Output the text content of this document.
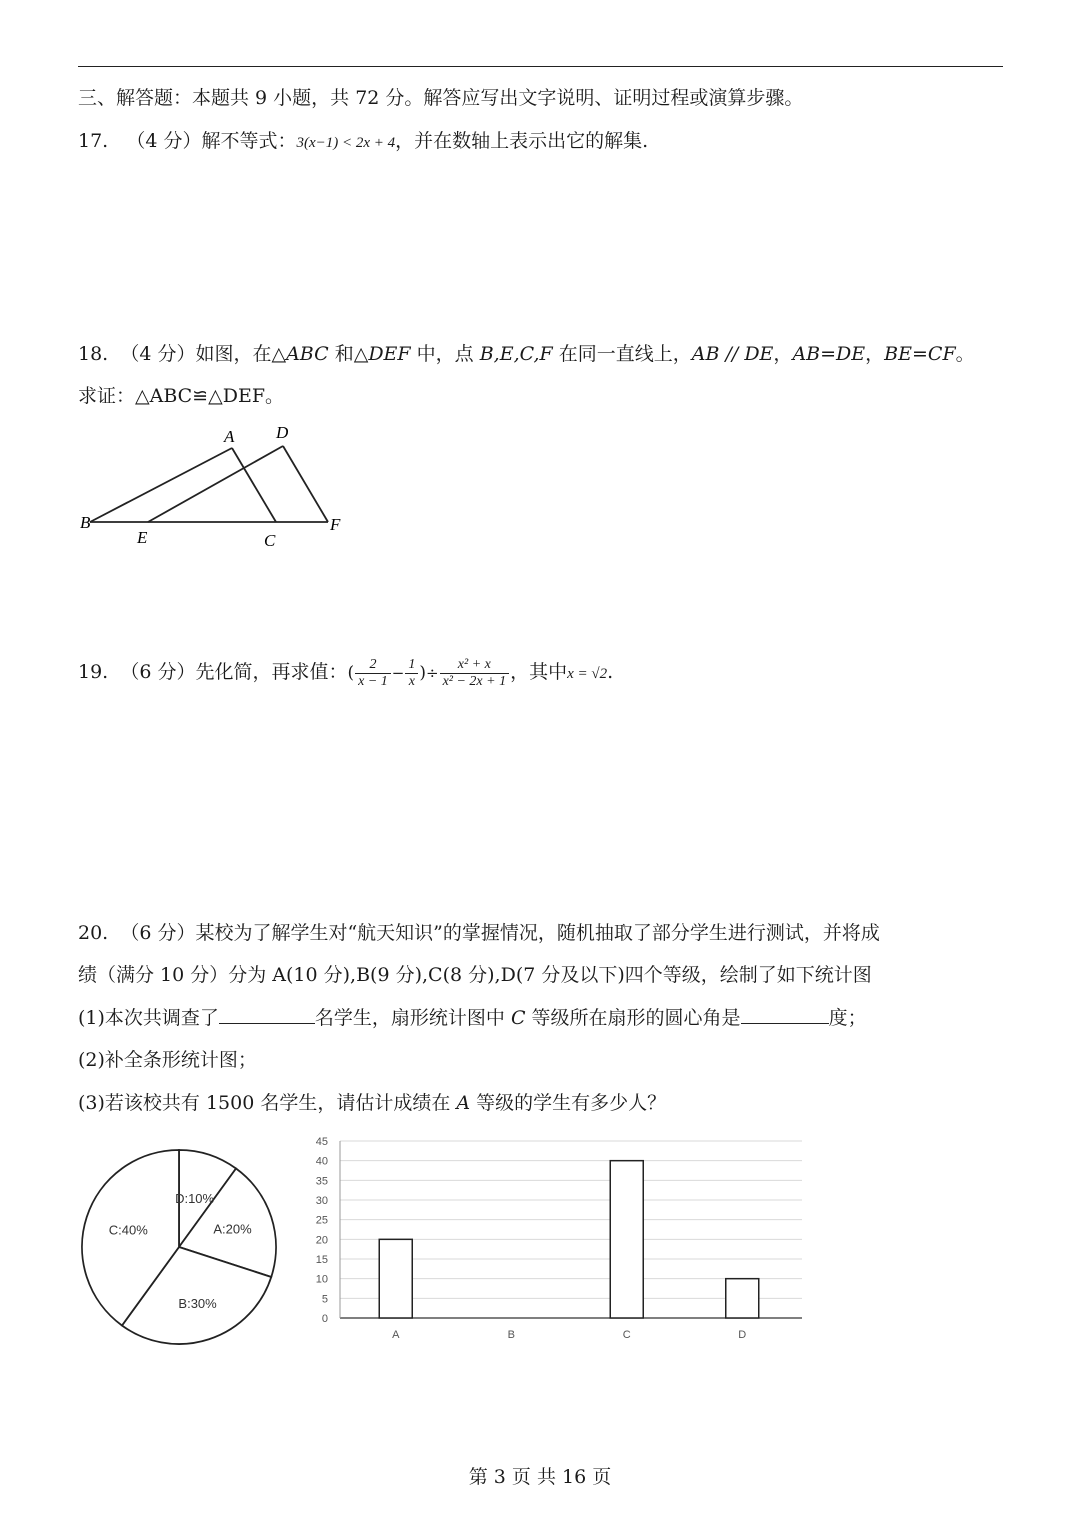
三、解答题：本题共 9 小题，共 72 分。解答应写出文字说明、证明过程或演算步骤。
17. （4 分）解不等式：3(x−1) < 2x + 4，并在数轴上表示出它的解集.
18. （4 分）如图，在△ABC 和△DEF 中，点 B,E,C,F 在同一直线上，AB // DE，AB=DE，BE=CF。
求证：△ABC≌△DEF。
A D
B
E	C
F
19. （6 分）先化简，再求值：( $\frac{2}{x - 1} - \frac{1}{x}$ )÷ $\frac{\text{x² + x}}{\text{x² − 2x + 1}}$ ，其中x = √2.
20. （6 分）某校为了解学生对“航天知识”的掌握情况，随机抽取了部分学生进行测试，并将成
绩（满分 10 分）分为 A(10 分),B(9 分),C(8 分),D(7 分及以下)四个等级，绘制了如下统计图
(1)本次共调查了	名学生，扇形统计图中 C 等级所在扇形的圆心角是	度；
(2)补全条形统计图；
(3)若该校共有 1500 名学生，请估计成绩在 A 等级的学生有多少人？
D:10%
A:20%
B:30%
C:40%
0
5
10
15
20
25
30
35
40
45
A	B	C	D
第 3 页 共 16 页
